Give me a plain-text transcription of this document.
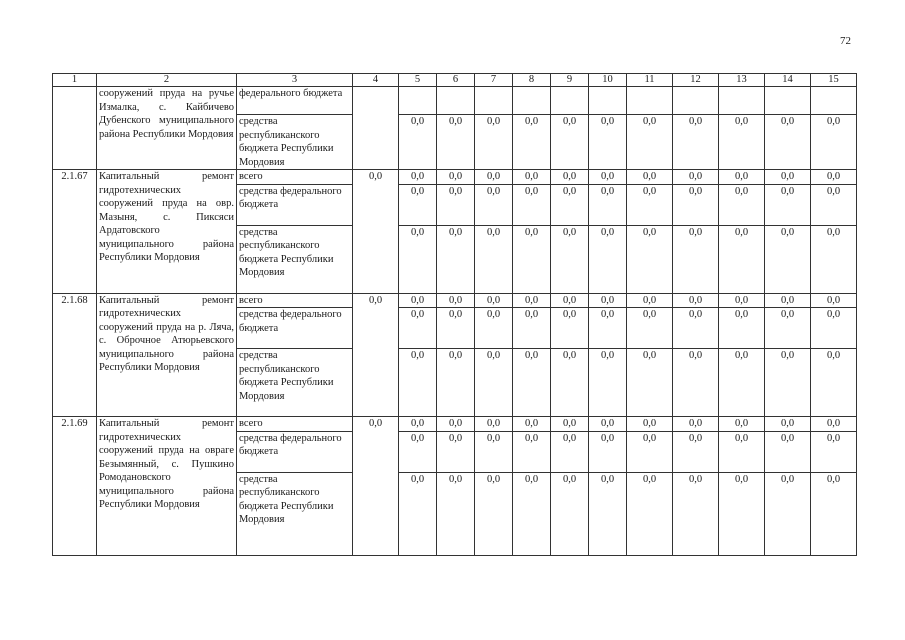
72
1	2	3	4	5	6	7	8	9	10	11	12	13	14	15
	сооружений пруда на ручье Измалка, с. Кайбичево Дубенского муниципального района Республики Мордовия	федерального бюджета												
		средства республиканского бюджета Республики Мордовия		0,0	0,0	0,0	0,0	0,0	0,0	0,0	0,0	0,0	0,0	0,0
2.1.67	Капитальный ремонт гидротехнических сооружений пруда на овр. Мазыня, с. Пиксяси Ардатовского муниципального района Республики Мордовия	всего	0,0	0,0	0,0	0,0	0,0	0,0	0,0	0,0	0,0	0,0	0,0	0,0
		средства федерального бюджета		0,0	0,0	0,0	0,0	0,0	0,0	0,0	0,0	0,0	0,0	0,0
		средства республиканского бюджета Республики Мордовия		0,0	0,0	0,0	0,0	0,0	0,0	0,0	0,0	0,0	0,0	0,0
2.1.68	Капитальный ремонт гидротехнических сооружений пруда на р. Ляча, с. Оброчное Атюрьевского муниципального района Республики Мордовия	всего	0,0	0,0	0,0	0,0	0,0	0,0	0,0	0,0	0,0	0,0	0,0	0,0
		средства федерального бюджета		0,0	0,0	0,0	0,0	0,0	0,0	0,0	0,0	0,0	0,0	0,0
		средства республиканского бюджета Республики Мордовия		0,0	0,0	0,0	0,0	0,0	0,0	0,0	0,0	0,0	0,0	0,0
2.1.69	Капитальный ремонт гидротехнических сооружений пруда на овраге Безымянный, с. Пушкино Ромодановского муниципального района Республики Мордовия	всего	0,0	0,0	0,0	0,0	0,0	0,0	0,0	0,0	0,0	0,0	0,0	0,0
		средства федерального бюджета		0,0	0,0	0,0	0,0	0,0	0,0	0,0	0,0	0,0	0,0	0,0
		средства республиканского бюджета Республики Мордовия		0,0	0,0	0,0	0,0	0,0	0,0	0,0	0,0	0,0	0,0	0,0
